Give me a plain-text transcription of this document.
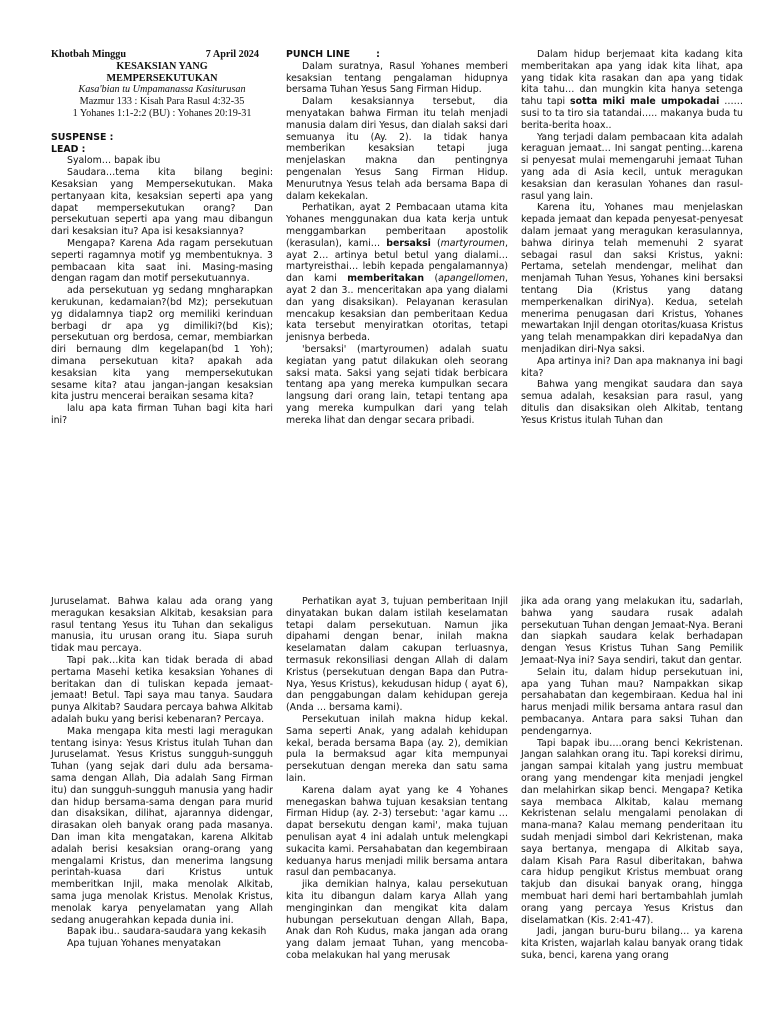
Khotbah Minggu	7 April 2024
KESAKSIAN YANG
MEMPERSEKUTUKAN
Kasa'bian tu Umpamanassa Kasiturusan
Mazmur 133 : Kisah Para Rasul 4:32-35
1 Yohanes 1:1-2:2 (BU) : Yohanes 20:19-31
SUSPENSE :
LEAD :

Syalom… bapak ibu

Saudara…tema kita bilang begini: Kesaksian yang Mempersekutukan. Maka pertanyaan kita, kesaksian seperti apa yang dapat mempersekutukan orang? Dan persekutuan seperti apa yang mau dibangun dari kesaksian itu? Apa isi kesaksiannya?

Mengapa? Karena Ada ragam persekutuan seperti ragamnya motif yg membentuknya. 3 pembacaan kita saat ini. Masing-masing dengan ragam dan motif persekutuannya.

ada persekutuan yg sedang mngharapkan kerukunan, kedamaian?(bd Mz); persekutuan yg didalamnya tiap2 org memiliki kerinduan berbagi dr apa yg dimiliki?(bd Kis); persekutuan org berdosa, cemar, membiarkan diri bernaung dlm kegelapan(bd 1 Yoh); dimana persekutuan kita? apakah ada kesaksian kita yang mempersekutukan sesame kita? atau jangan-jangan kesaksian kita justru mencerai beraikan sesama kita?

lalu apa kata firman Tuhan bagi kita hari ini?

PUNCH LINE        :

Dalam suratnya, Rasul Yohanes memberi kesaksian tentang pengalaman hidupnya bersama Tuhan Yesus Sang Firman Hidup.

Dalam kesaksiannya tersebut, dia menyatakan bahwa Firman itu telah menjadi manusia dalam diri Yesus, dan dialah saksi dari semuanya itu (Ay. 2). Ia tidak hanya memberikan kesaksian tetapi juga menjelaskan makna dan pentingnya pengenalan Yesus Sang Firman Hidup. Menurutnya Yesus telah ada bersama Bapa di dalam kekekalan.

Perhatikan, ayat 2 Pembacaan utama kita Yohanes menggunakan dua kata kerja untuk menggambarkan pemberitaan apostolik (kerasulan), kami… bersaksi (martyroumen, ayat 2… artinya betul betul yang dialami… martyreisthai… lebih kepada pengalamannya) dan kami memberitakan (apangellomen, ayat 2 dan 3.. menceritakan apa yang dialami dan yang disaksikan). Pelayanan kerasulan mencakup kesaksian dan pemberitaan Kedua kata tersebut menyiratkan otoritas, tetapi jenisnya berbeda.

'bersaksi' (martyroumen) adalah suatu kegiatan yang patut dilakukan oleh seorang saksi mata. Saksi yang sejati tidak berbicara tentang apa yang mereka kumpulkan secara langsung dari orang lain, tetapi tentang apa yang mereka kumpulkan dari yang telah mereka lihat dan dengar secara pribadi.

Dalam hidup berjemaat kita kadang kita memberitakan apa yang idak kita lihat, apa yang tidak kita rasakan dan apa yang tidak kita tahu… dan mungkin kita hanya setenga tahu tapi sotta miki male umpokadai …… susi to ta tiro sia tatandai….. makanya buda tu berita-berita hoax..

Yang terjadi dalam pembacaan kita adalah keraguan jemaat… Ini sangat penting…karena si penyesat mulai memengaruhi jemaat Tuhan yang ada di Asia kecil, untuk meragukan kesaksian dan kerasulan Yohanes dan rasul-rasul yang lain.

Karena itu, Yohanes mau menjelaskan kepada jemaat dan kepada penyesat-penyesat dalam jemaat yang meragukan kerasulannya, bahwa dirinya telah memenuhi 2 syarat sebagai rasul dan saksi Kristus, yakni: Pertama, setelah mendengar, melihat dan menjamah Tuhan Yesus, Yohanes kini bersaksi tentang Dia (Kristus yang datang memperkenalkan diriNya). Kedua, setelah menerima penugasan dari Kristus, Yohanes mewartakan Injil dengan otoritas/kuasa Kristus yang telah menampakkan diri kepadaNya dan menjadikan diri-Nya saksi.

Apa artinya ini? Dan apa maknanya ini bagi kita?

Bahwa yang mengikat saudara dan saya semua adalah, kesaksian para rasul, yang ditulis dan disaksikan oleh Alkitab, tentang Yesus Kristus itulah Tuhan dan

Juruselamat. Bahwa kalau ada orang yang meragukan kesaksian Alkitab, kesaksian para rasul tentang Yesus itu Tuhan dan sekaligus manusia, itu urusan orang itu. Siapa suruh tidak mau percaya.

Tapi pak…kita kan tidak berada di abad pertama Masehi ketika kesaksian Yohanes di beritakan dan di tuliskan kepada jemaat-jemaat! Betul. Tapi saya mau tanya. Saudara punya Alkitab? Saudara percaya bahwa Alkitab adalah buku yang berisi kebenaran? Percaya.

Maka mengapa kita mesti lagi meragukan tentang isinya: Yesus Kristus itulah Tuhan dan Juruselamat. Yesus Kristus sungguh-sungguh Tuhan (yang sejak dari dulu ada bersama-sama dengan Allah, Dia adalah Sang Firman itu) dan sungguh-sungguh manusia yang hadir dan hidup bersama-sama dengan para murid dan disaksikan, dilihat, ajarannya didengar, dirasakan oleh banyak orang pada masanya. Dan iman kita mengatakan, karena Alkitab adalah berisi kesaksian orang-orang yang mengalami Kristus, dan menerima langsung perintah-kuasa dari Kristus untuk memberitkan Injil, maka menolak Alkitab, sama juga menolak Kristus. Menolak Kristus, menolak karya penyelamatan yang Allah sedang anugerahkan kepada dunia ini.

Bapak ibu.. saudara-saudara yang kekasih

Apa tujuan Yohanes menyatakan

Perhatikan ayat 3, tujuan pemberitaan Injil dinyatakan bukan dalam istilah keselamatan tetapi dalam persekutuan. Namun jika dipahami dengan benar, inilah makna keselamatan dalam cakupan terluasnya, termasuk rekonsiliasi dengan Allah di dalam Kristus (persekutuan dengan Bapa dan Putra-Nya, Yesus Kristus), kekudusan hidup ( ayat 6), dan penggabungan dalam kehidupan gereja (Anda … bersama kami).

Persekutuan inilah makna hidup kekal. Sama seperti Anak, yang adalah kehidupan kekal, berada bersama Bapa (ay. 2), demikian pula Ia bermaksud agar kita mempunyai persekutuan dengan mereka dan satu sama lain.

Karena dalam ayat yang ke 4 Yohanes menegaskan bahwa tujuan kesaksian tentang Firman Hidup (ay. 2-3) tersebut: 'agar kamu … dapat bersekutu dengan kami', maka tujuan penulisan ayat 4 ini adalah untuk melengkapi sukacita kami. Persahabatan dan kegembiraan keduanya harus menjadi milik bersama antara rasul dan pembacanya.

jika demikian halnya, kalau persekutuan kita itu dibangun dalam karya Allah yang menginginkan dan mengikat kita dalam hubungan persekutuan dengan Allah, Bapa, Anak dan Roh Kudus, maka jangan ada orang yang dalam jemaat Tuhan, yang mencoba-coba melakukan hal yang merusak

jika ada orang yang melakukan itu, sadarlah, bahwa yang saudara rusak adalah persekutuan Tuhan dengan Jemaat-Nya. Berani dan siapkah saudara kelak berhadapan dengan Yesus Kristus Tuhan Sang Pemilik Jemaat-Nya ini? Saya sendiri, takut dan gentar.

Selain itu, dalam hidup persekutuan ini, apa yang Tuhan mau? Nampakkan sikap persahabatan dan kegembiraan. Kedua hal ini harus menjadi milik bersama antara rasul dan pembacanya. Antara para saksi Tuhan dan pendengarnya.

Tapi bapak ibu….orang benci Kekristenan. Jangan salahkan orang itu. Tapi koreksi dirimu, jangan sampai kitalah yang justru membuat orang yang mendengar kita menjadi jengkel dan melahirkan sikap benci. Mengapa? Ketika saya membaca Alkitab, kalau memang Kekristenan selalu mengalami penolakan di mana-mana? Kalau memang penderitaan itu sudah menjadi simbol dari Kekristenan, maka saya bertanya, mengapa di Alkitab saya, dalam Kisah Para Rasul diberitakan, bahwa cara hidup pengikut Kristus membuat orang takjub dan disukai banyak orang, hingga membuat hari demi hari bertambahlah jumlah orang yang percaya Yesus Kristus dan diselamatkan (Kis. 2:41-47).

Jadi, jangan buru-buru bilang… ya karena kita Kristen, wajarlah kalau banyak orang tidak suka, benci, karena yang orang
